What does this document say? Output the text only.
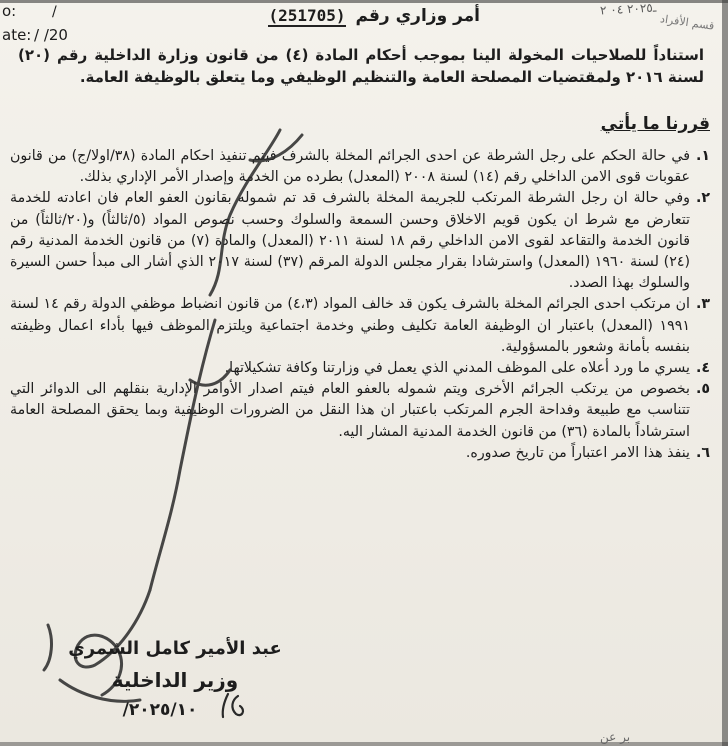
o:	/
ate: / /20
أمر وزاري رقم (251705)	ـ٢٠٢٥ ٠٤ ٢
قسم الأفراد
استناداً للصلاحيات المخولة الينا بموجب أحكام المادة (٤) من قانون وزارة الداخلية رقم (٢٠) لسنة ٢٠١٦ ولمقتضيات المصلحة العامة والتنظيم الوظيفي وما يتعلق بالوظيفة العامة.
قررنا ما يأتي
١.
في حالة الحكم على رجل الشرطة عن احدى الجرائم المخلة بالشرف فيتم تنفيذ احكام المادة (٣٨/اولا/ج) من قانون عقوبات قوى الامن الداخلي رقم (١٤) لسنة ٢٠٠٨ (المعدل) بطرده من الخدمة وإصدار الأمر الإداري بذلك.
٢.
وفي حالة ان رجل الشرطة المرتكب للجريمة المخلة بالشرف قد تم شموله بقانون العفو العام فان اعادته للخدمة تتعارض مع شرط ان يكون قويم الاخلاق وحسن السمعة والسلوك وحسب نصوص المواد (٥/ثالثاً) و(٢٠/ثالثاً) من قانون الخدمة والتقاعد لقوى الامن الداخلي رقم ١٨ لسنة ٢٠١١ (المعدل) والمادة (٧) من قانون الخدمة المدنية رقم (٢٤) لسنة ١٩٦٠ (المعدل) واسترشادا بقرار مجلس الدولة المرقم (٣٧) لسنة ٢٠١٧ الذي أشار الى مبدأ حسن السيرة والسلوك بهذا الصدد.
٣.
ان مرتكب احدى الجرائم المخلة بالشرف يكون قد خالف المواد (٤،٣) من قانون انضباط موظفي الدولة رقم ١٤ لسنة ١٩٩١ (المعدل) باعتبار ان الوظيفة العامة تكليف وطني وخدمة اجتماعية ويلتزم الموظف فيها بأداء اعمال وظيفته بنفسه بأمانة وشعور بالمسؤولية.
٤.
يسري ما ورد أعلاه على الموظف المدني الذي يعمل في وزارتنا وكافة تشكيلاتها.
٥.
بخصوص من يرتكب الجرائم الأخرى ويتم شموله بالعفو العام فيتم اصدار الأوامر الإدارية بنقلهم الى الدوائر التي تتناسب مع طبيعة وفداحة الجرم المرتكب باعتبار ان هذا النقل من الضرورات الوظيفية وبما يحقق المصلحة العامة استرشاداً بالمادة (٣٦) من قانون الخدمة المدنية المشار اليه.
٦.
ينفذ هذا الامر اعتباراً من تاريخ صدوره.
عبد الأمير كامل الشمري
وزير الداخلية
٢٠٢٥/١٠/
بر عن
